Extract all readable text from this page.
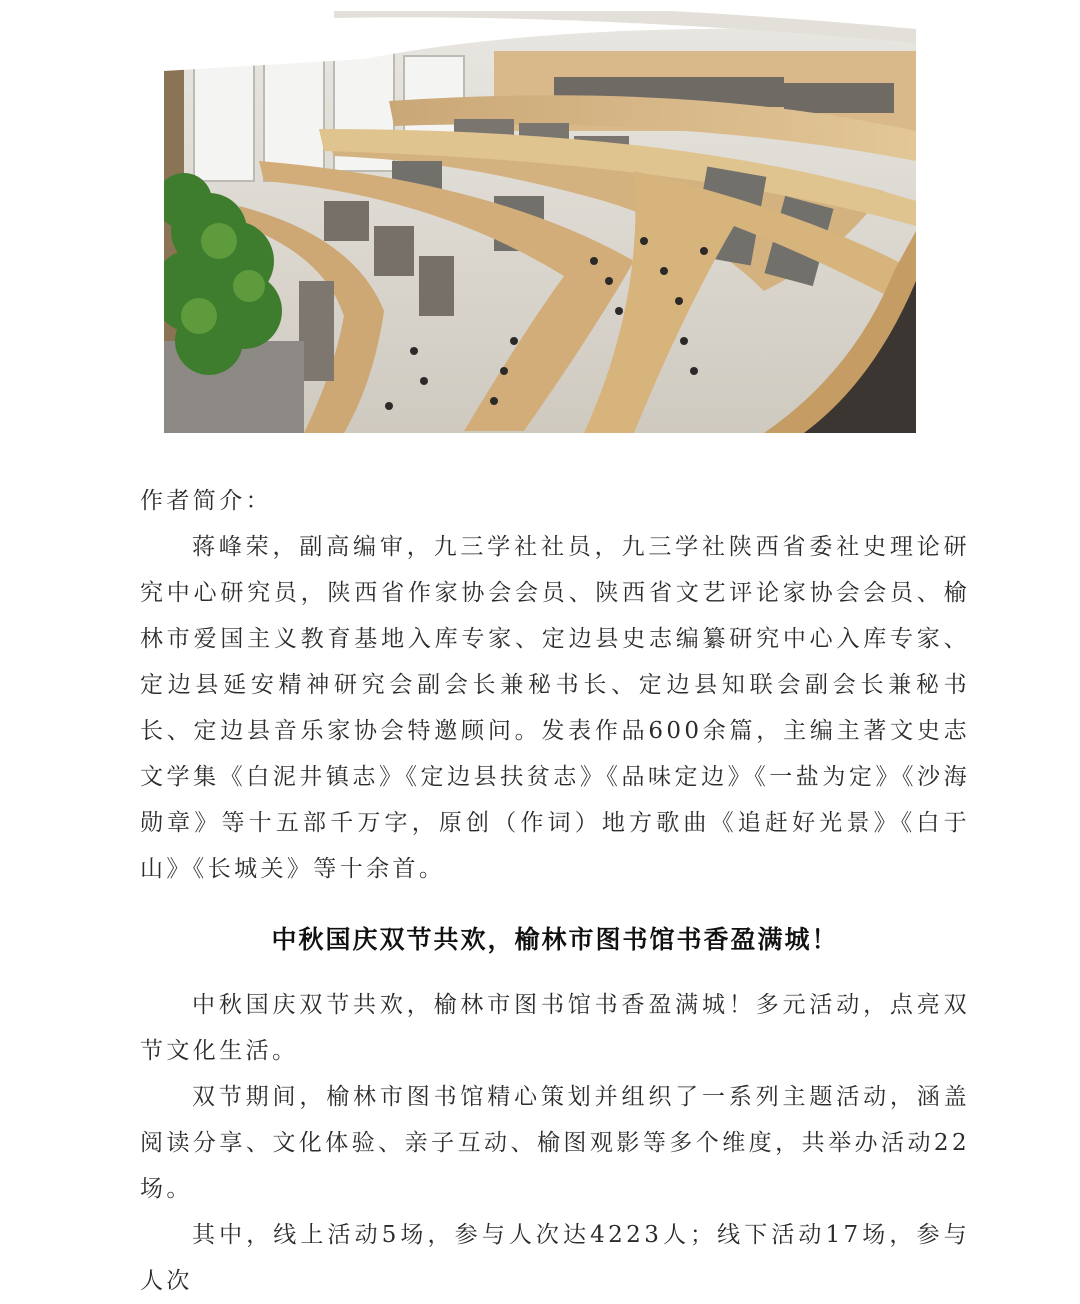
作者简介：

蒋峰荣，副高编审，九三学社社员，九三学社陕西省委社史理论研究中心研究员，陕西省作家协会会员、陕西省文艺评论家协会会员、榆林市爱国主义教育基地入库专家、定边县史志编纂研究中心入库专家、定边县延安精神研究会副会长兼秘书长、定边县知联会副会长兼秘书长、定边县音乐家协会特邀顾问。发表作品600余篇，主编主著文史志文学集《白泥井镇志》《定边县扶贫志》《品味定边》《一盐为定》《沙海勋章》等十五部千万字，原创（作词）地方歌曲《追赶好光景》《白于山》《长城关》等十余首。

中秋国庆双节共欢，榆林市图书馆书香盈满城！

中秋国庆双节共欢，榆林市图书馆书香盈满城！多元活动，点亮双节文化生活。

双节期间，榆林市图书馆精心策划并组织了一系列主题活动，涵盖阅读分享、文化体验、亲子互动、榆图观影等多个维度，共举办活动22场。

其中，线上活动5场，参与人次达4223人；线下活动17场，参与人次
